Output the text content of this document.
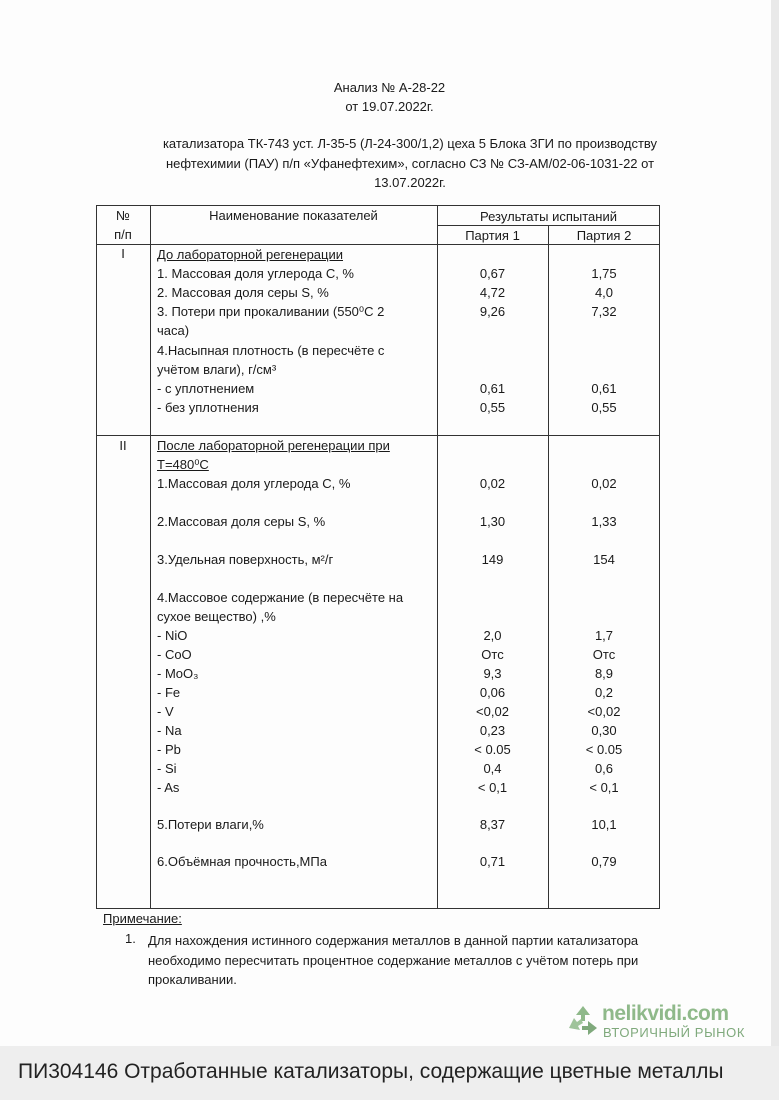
Анализ № А-28-22
от 19.07.2022г.
катализатора ТК-743 уст. Л-35-5 (Л-24-300/1,2) цеха 5 Блока ЗГИ по производству
нефтехимии (ПАУ) п/п «Уфанефтехим», согласно СЗ № СЗ-АМ/02-06-1031-22 от
13.07.2022г.
№
п/п
Наименование показателей	Результаты испытаний
Партия 1	Партия 2
I	До лабораторной регенерации
1. Массовая доля углерода С, %	0,67	1,75
2. Массовая доля серы S, %	4,72	4,0
3. Потери при прокаливании (550⁰С 2	9,26	7,32
часа)
4.Насыпная плотность (в пересчёте с
учётом влаги), г/см³
- с уплотнением	0,61	0,61
- без уплотнения	0,55	0,55
II	После лабораторной регенерации при
Т=480⁰С
1.Массовая доля углерода С, %	0,02	0,02
2.Массовая доля серы S, %	1,30	1,33
3.Удельная поверхность, м²/г	149	154
4.Массовое содержание (в пересчёте на
сухое вещество) ,%
- NiO	2,0	1,7
- CoO	Отс	Отс
- MoO₃	9,3	8,9
- Fe	0,06	0,2
- V	<0,02	<0,02
- Na	0,23	0,30
- Pb	< 0.05	< 0.05
- Si	0,4	0,6
- As	< 0,1	< 0,1
5.Потери влаги,%	8,37	10,1
6.Объёмная прочность,МПа	0,71	0,79
Примечание:
1. Для нахождения истинного содержания металлов в данной партии катализатора
необходимо пересчитать процентное содержание металлов с учётом потерь при
прокаливании.
nelikvidi.com
ВТОРИЧНЫЙ РЫНОК
ПИ304146 Отработанные катализаторы, содержащие цветные металлы
